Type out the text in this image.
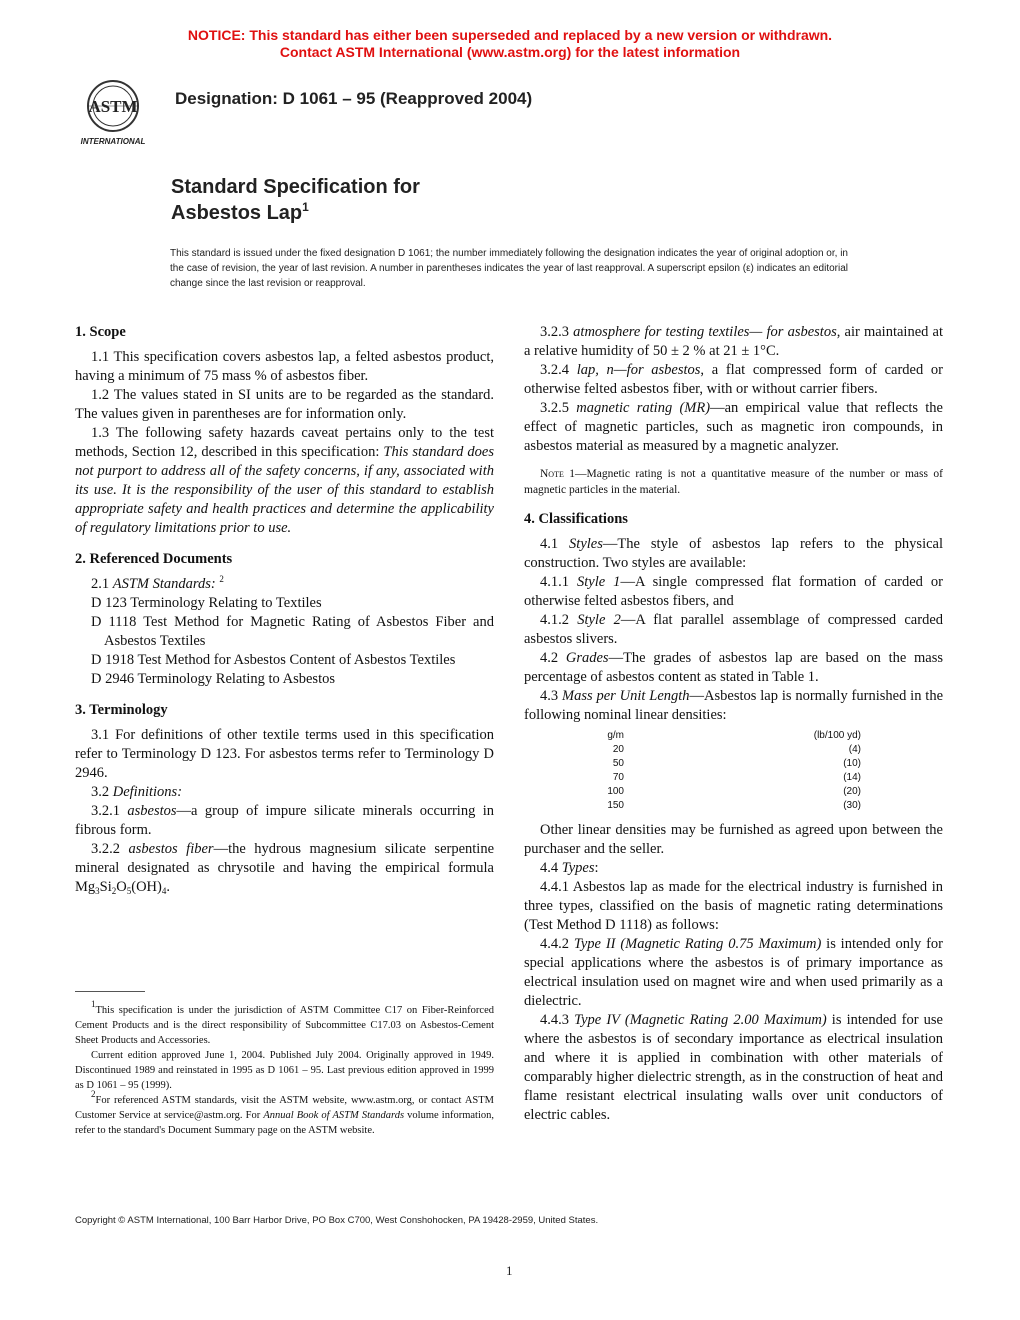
NOTICE: This standard has either been superseded and replaced by a new version or withdrawn.
Contact ASTM International (www.astm.org) for the latest information
ASTM
INTERNATIONAL
Designation: D 1061 – 95 (Reapproved 2004)
Standard Specification for
Asbestos Lap$^1$
This standard is issued under the fixed designation D 1061; the number immediately following the designation indicates the year of original adoption or, in the case of revision, the year of last revision. A number in parentheses indicates the year of last reapproval. A superscript epsilon (ε) indicates an editorial change since the last revision or reapproval.

1. Scope

1.1 This specification covers asbestos lap, a felted asbestos product, having a minimum of 75 mass % of asbestos fiber.

1.2 The values stated in SI units are to be regarded as the standard. The values given in parentheses are for information only.

1.3 The following safety hazards caveat pertains only to the test methods, Section 12, described in this specification: This standard does not purport to address all of the safety concerns, if any, associated with its use. It is the responsibility of the user of this standard to establish appropriate safety and health practices and determine the applicability of regulatory limitations prior to use.

2. Referenced Documents

2.1 ASTM Standards: $^2$

D 123 Terminology Relating to Textiles

D 1118 Test Method for Magnetic Rating of Asbestos Fiber and Asbestos Textiles

D 1918 Test Method for Asbestos Content of Asbestos Textiles

D 2946 Terminology Relating to Asbestos

3. Terminology

3.1 For definitions of other textile terms used in this specification refer to Terminology D 123. For asbestos terms refer to Terminology D 2946.

3.2 Definitions:

3.2.1 asbestos—a group of impure silicate minerals occurring in fibrous form.

3.2.2 asbestos fiber—the hydrous magnesium silicate serpentine mineral designated as chrysotile and having the empirical formula $Mg_3Si_2O_5(OH)_4$.

$^1$This specification is under the jurisdiction of ASTM Committee C17 on Fiber-Reinforced Cement Products and is the direct responsibility of Subcommittee C17.03 on Asbestos-Cement Sheet Products and Accessories.

Current edition approved June 1, 2004. Published July 2004. Originally approved in 1949. Discontinued 1989 and reinstated in 1995 as D 1061 – 95. Last previous edition approved in 1999 as D 1061 – 95 (1999).

$^2$For referenced ASTM standards, visit the ASTM website, www.astm.org, or contact ASTM Customer Service at service@astm.org. For Annual Book of ASTM Standards volume information, refer to the standard's Document Summary page on the ASTM website.

3.2.3 atmosphere for testing textiles— for asbestos, air maintained at a relative humidity of 50 ± 2 % at 21 ± 1°C.

3.2.4 lap, n—for asbestos, a flat compressed form of carded or otherwise felted asbestos fiber, with or without carrier fibers.

3.2.5 magnetic rating (MR)—an empirical value that reflects the effect of magnetic particles, such as magnetic iron compounds, in asbestos material as measured by a magnetic analyzer.

Note 1—Magnetic rating is not a quantitative measure of the number or mass of magnetic particles in the material.

4. Classifications

4.1 Styles—The style of asbestos lap refers to the physical construction. Two styles are available:

4.1.1 Style 1—A single compressed flat formation of carded or otherwise felted asbestos fibers, and

4.1.2 Style 2—A flat parallel assemblage of compressed carded asbestos slivers.

4.2 Grades—The grades of asbestos lap are based on the mass percentage of asbestos content as stated in Table 1.

4.3 Mass per Unit Length—Asbestos lap is normally furnished in the following nominal linear densities:

g/m	(lb/100 yd)
20	(4)
50	(10)
70	(14)
100	(20)
150	(30)

Other linear densities may be furnished as agreed upon between the purchaser and the seller.

4.4 Types:

4.4.1 Asbestos lap as made for the electrical industry is furnished in three types, classified on the basis of magnetic rating determinations (Test Method D 1118) as follows:

4.4.2 Type II (Magnetic Rating 0.75 Maximum) is intended only for special applications where the asbestos is of primary importance as electrical insulation used on magnet wire and when used primarily as a dielectric.

4.4.3 Type IV (Magnetic Rating 2.00 Maximum) is intended for use where the asbestos is of secondary importance as electrical insulation and where it is applied in combination with other materials of comparably higher dielectric strength, as in the construction of heat and flame resistant electrical insulating walls over unit conductors of electric cables.

Copyright © ASTM International, 100 Barr Harbor Drive, PO Box C700, West Conshohocken, PA 19428-2959, United States.
1
